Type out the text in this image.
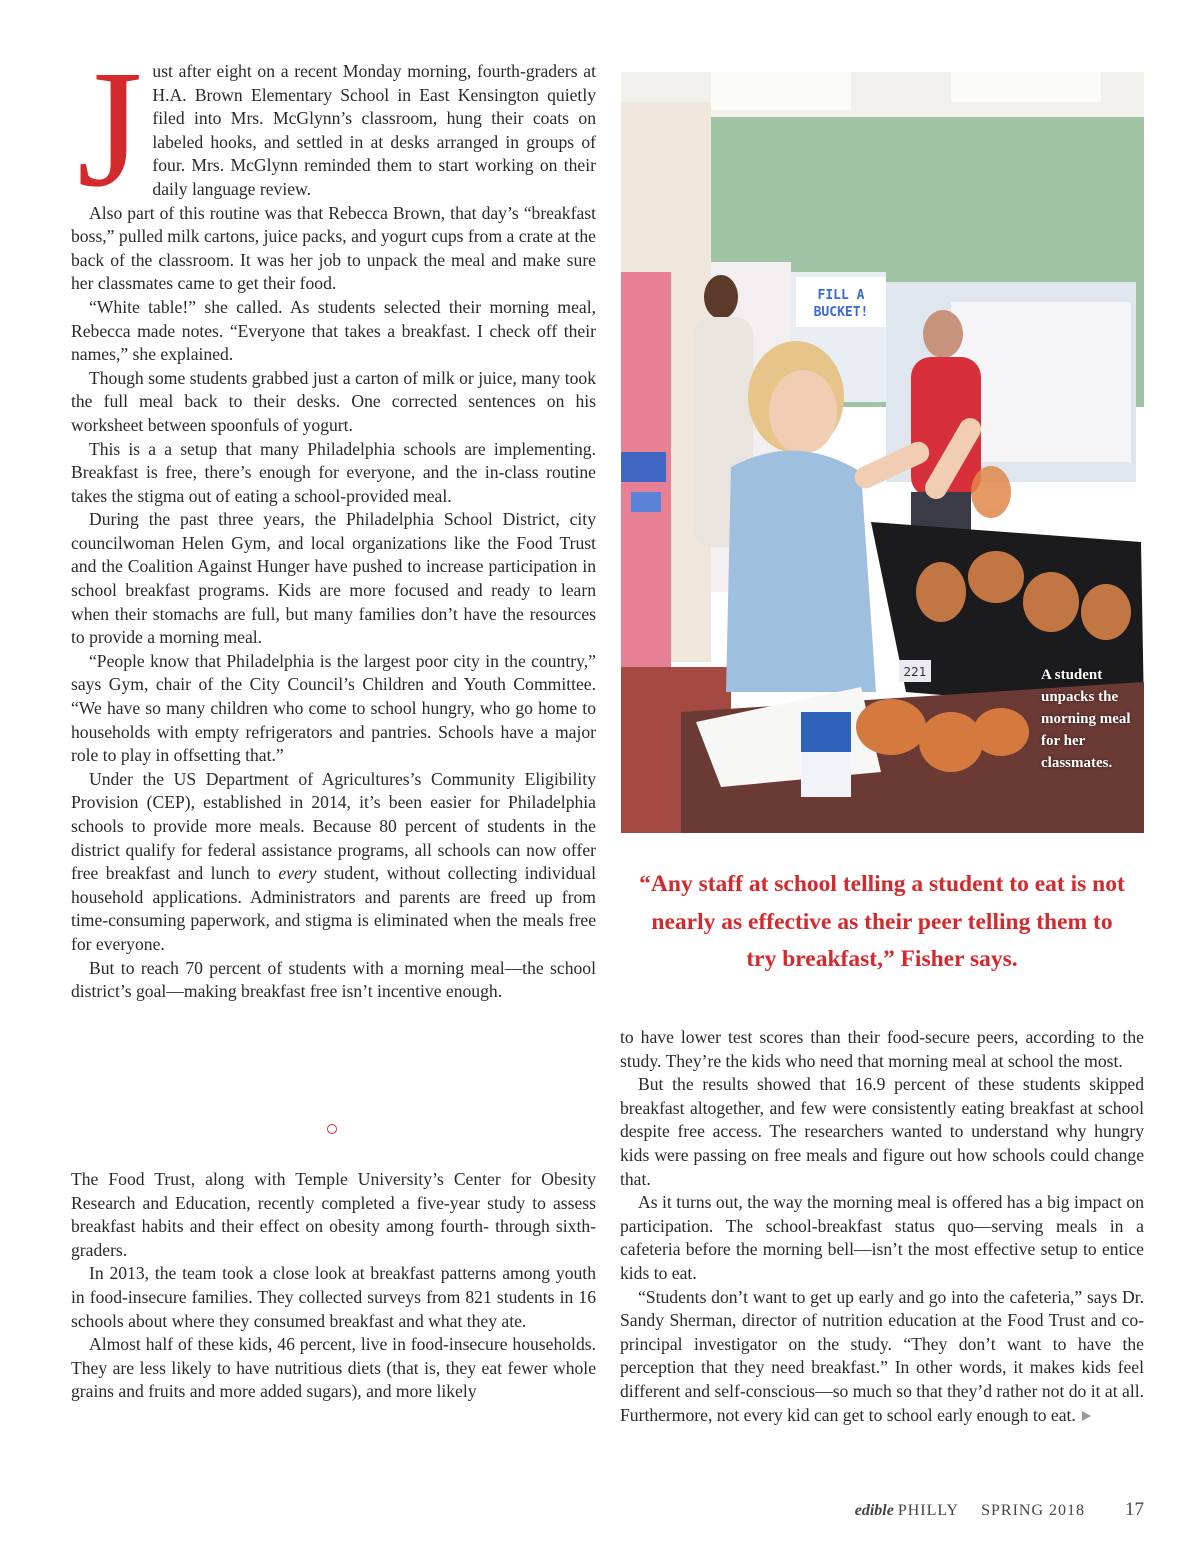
J ust after eight on a recent Monday morning, fourth-graders at H.A. Brown Elementary School in East Kensington quietly filed into Mrs. McGlynn’s classroom, hung their coats on labeled hooks, and settled in at desks arranged in groups of four. Mrs. McGlynn reminded them to start working on their daily language review.

Also part of this routine was that Rebecca Brown, that day’s “breakfast boss,” pulled milk cartons, juice packs, and yogurt cups from a crate at the back of the classroom. It was her job to unpack the meal and make sure her classmates came to get their food.

“White table!” she called. As students selected their morning meal, Rebecca made notes. “Everyone that takes a breakfast. I check off their names,” she explained.

Though some students grabbed just a carton of milk or juice, many took the full meal back to their desks. One corrected sentences on his worksheet between spoonfuls of yogurt.

This is a a setup that many Philadelphia schools are implementing. Breakfast is free, there’s enough for everyone, and the in-class routine takes the stigma out of eating a school-provided meal.

During the past three years, the Philadelphia School District, city councilwoman Helen Gym, and local organizations like the Food Trust and the Coalition Against Hunger have pushed to increase participation in school breakfast programs. Kids are more focused and ready to learn when their stomachs are full, but many families don’t have the resources to provide a morning meal.

“People know that Philadelphia is the largest poor city in the country,” says Gym, chair of the City Council’s Children and Youth Committee. “We have so many children who come to school hungry, who go home to households with empty refrigerators and pantries. Schools have a major role to play in offsetting that.”

Under the US Department of Agricultures’s Community Eligibility Provision (CEP), established in 2014, it’s been easier for Philadelphia schools to provide more meals. Because 80 percent of students in the district qualify for federal assistance programs, all schools can now offer free breakfast and lunch to every student, without collecting individual household applications. Administrators and parents are freed up from time-consuming paperwork, and stigma is eliminated when the meals free for everyone.

But to reach 70 percent of students with a morning meal—the school district’s goal—making breakfast free isn’t incentive enough.

The Food Trust, along with Temple University’s Center for Obesity Research and Education, recently completed a five-year study to assess breakfast habits and their effect on obesity among fourth- through sixth-graders.

In 2013, the team took a close look at breakfast patterns among youth in food-insecure families. They collected surveys from 821 students in 16 schools about where they consumed breakfast and what they ate.

Almost half of these kids, 46 percent, live in food-insecure households. They are less likely to have nutritious diets (that is, they eat fewer whole grains and fruits and more added sugars), and more likely

FILL A
BUCKET!
221	A student unpacks the morning meal for her classmates.
“Any staff at school telling a student to eat is not nearly as effective as their peer telling them to try breakfast,” Fisher says.

to have lower test scores than their food-secure peers, according to the study. They’re the kids who need that morning meal at school the most.

But the results showed that 16.9 percent of these students skipped breakfast altogether, and few were consistently eating breakfast at school despite free access. The researchers wanted to understand why hungry kids were passing on free meals and figure out how schools could change that.

As it turns out, the way the morning meal is offered has a big impact on participation. The school-breakfast status quo—serving meals in a cafeteria before the morning bell—isn’t the most effective setup to entice kids to eat.

“Students don’t want to get up early and go into the cafeteria,” says Dr. Sandy Sherman, director of nutrition education at the Food Trust and co-principal investigator on the study. “They don’t want to have the perception that they need breakfast.” In other words, it makes kids feel different and self-conscious—so much so that they’d rather not do it at all. Furthermore, not every kid can get to school early enough to eat.

edible PHILLY SPRING 2018 17
